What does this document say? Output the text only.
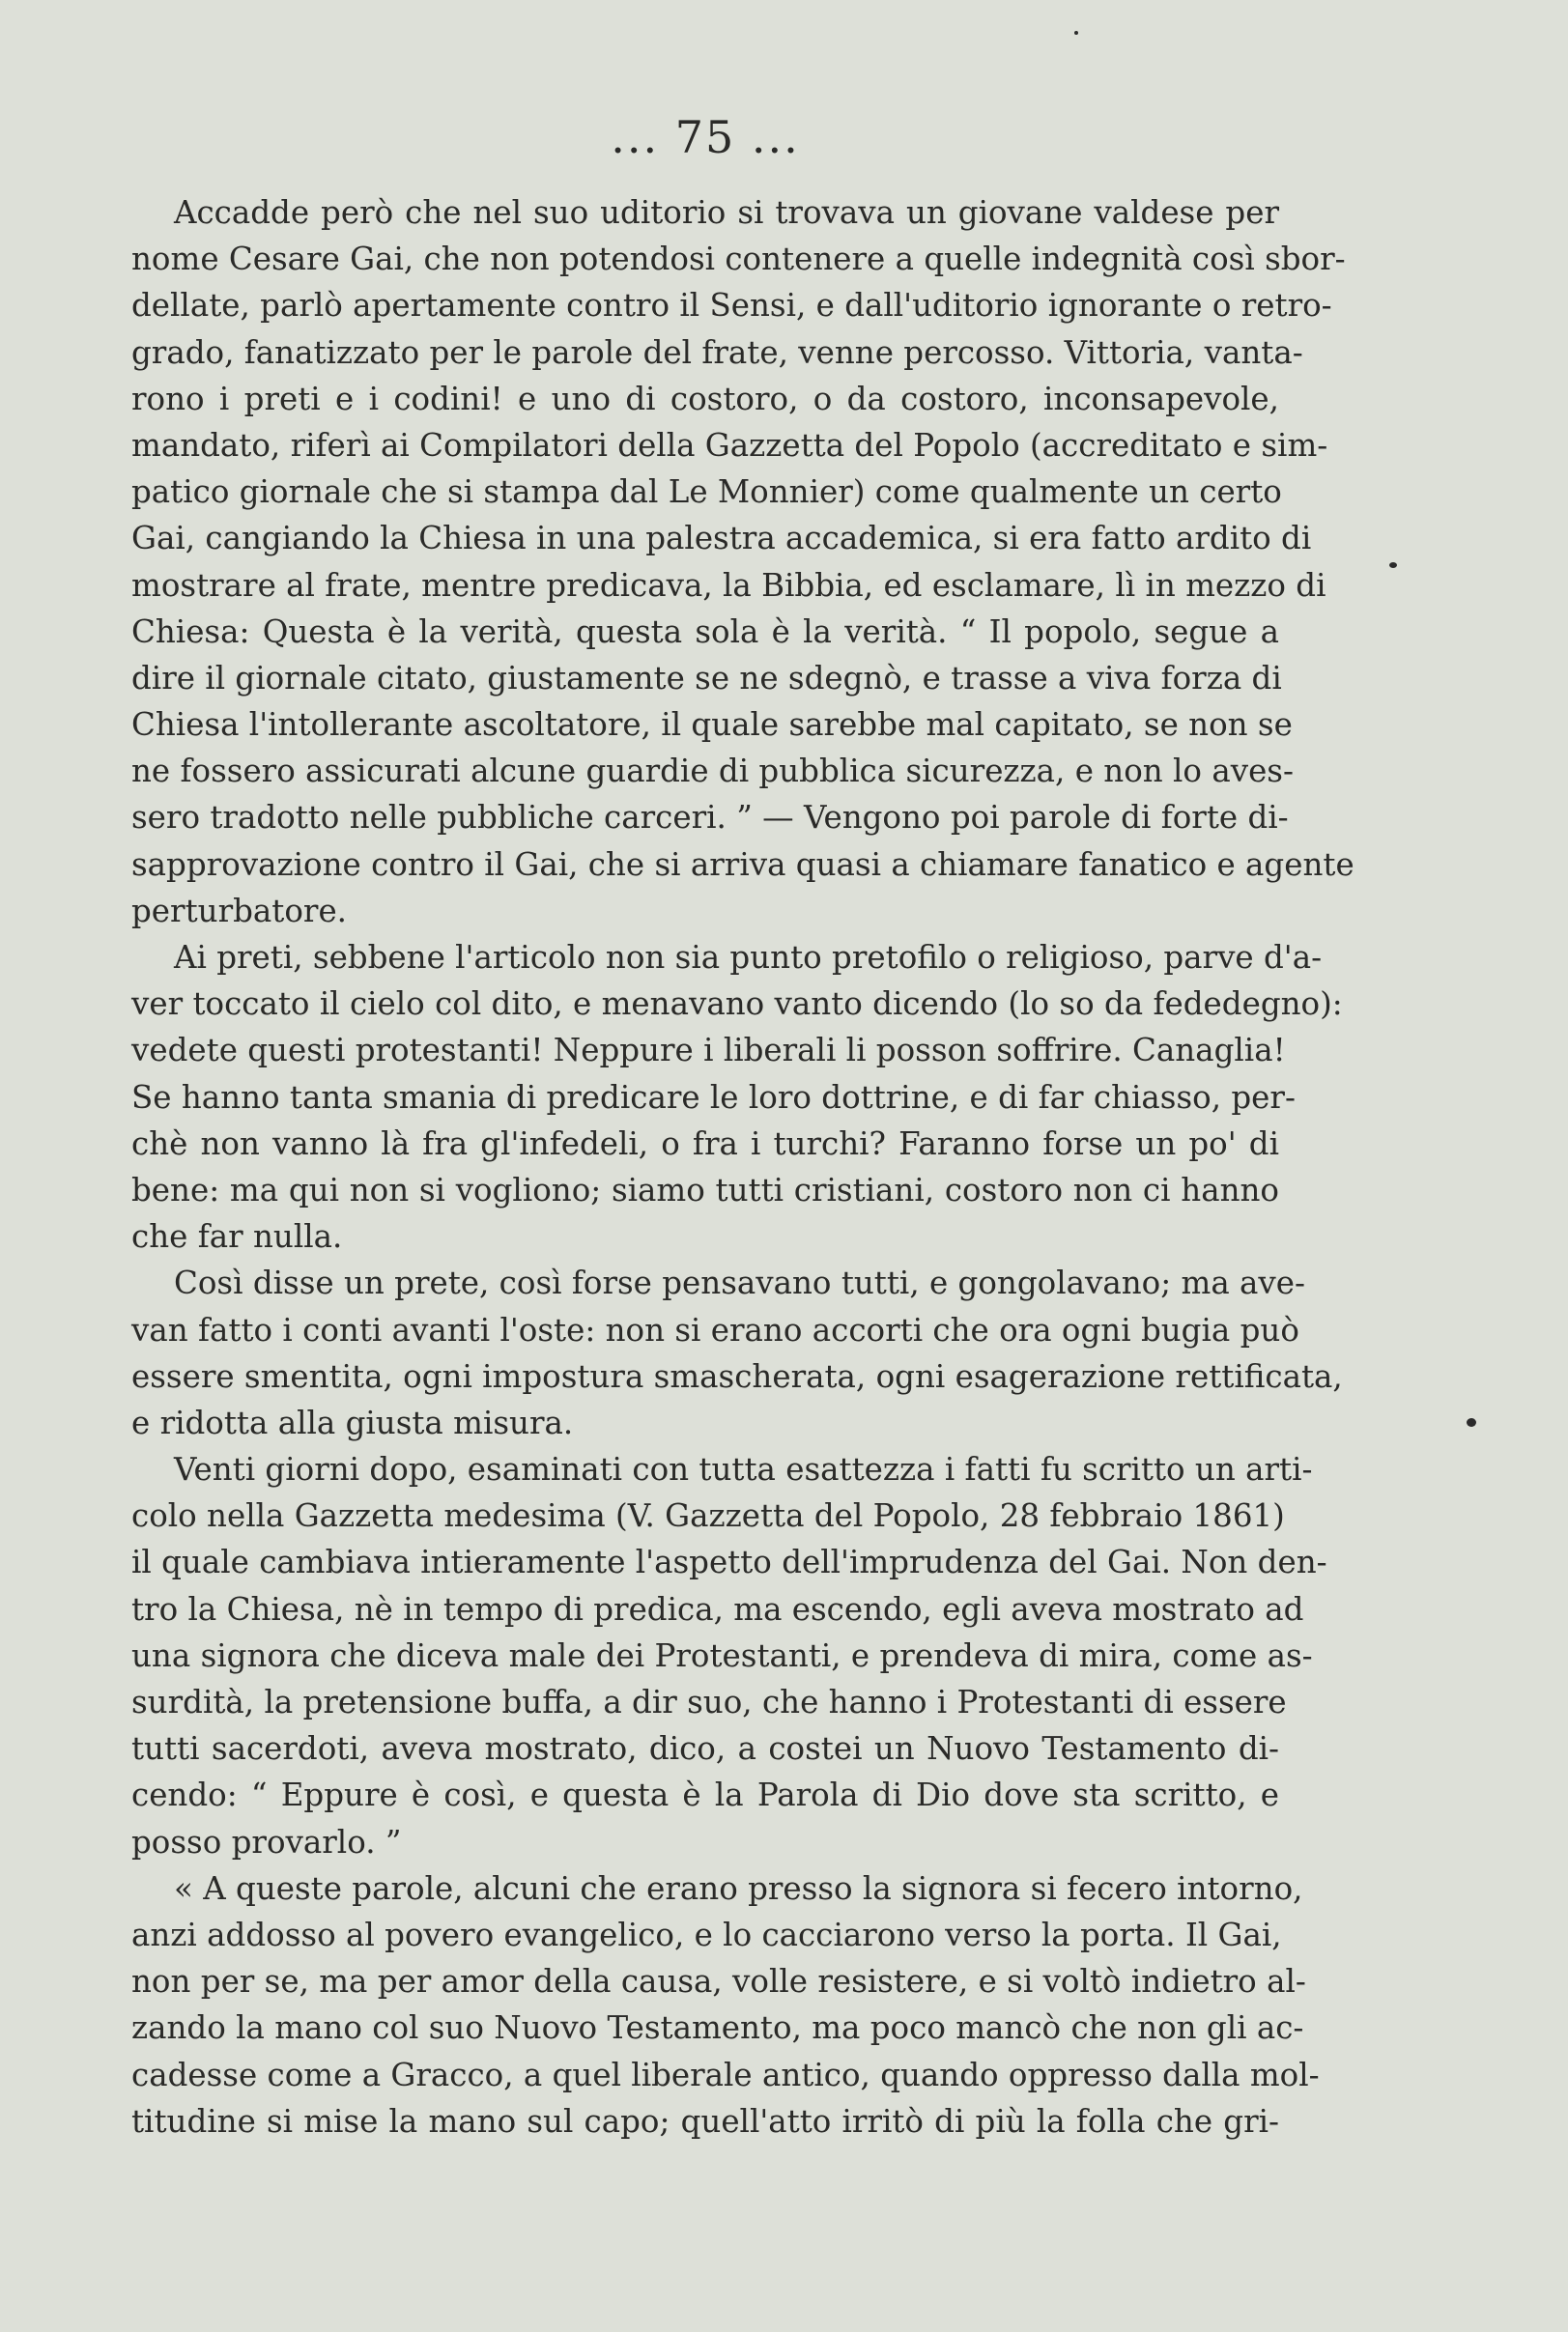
... 75 ...
Accadde però che nel suo uditorio si trovava un giovane valdese per
nome Cesare Gai, che non potendosi contenere a quelle indegnità così sbor-
dellate, parlò apertamente contro il Sensi, e dall'uditorio ignorante o retro-
grado, fanatizzato per le parole del frate, venne percosso. Vittoria, vanta-
rono i preti e i codini! e uno di costoro, o da costoro, inconsapevole,
mandato, riferì ai Compilatori della Gazzetta del Popolo (accreditato e sim-
patico giornale che si stampa dal Le Monnier) come qualmente un certo
Gai, cangiando la Chiesa in una palestra accademica, si era fatto ardito di
mostrare al frate, mentre predicava, la Bibbia, ed esclamare, lì in mezzo di
Chiesa: Questa è la verità, questa sola è la verità. “ Il popolo, segue a
dire il giornale citato, giustamente se ne sdegnò, e trasse a viva forza di
Chiesa l'intollerante ascoltatore, il quale sarebbe mal capitato, se non se
ne fossero assicurati alcune guardie di pubblica sicurezza, e non lo aves-
sero tradotto nelle pubbliche carceri. ” — Vengono poi parole di forte di-
sapprovazione contro il Gai, che si arriva quasi a chiamare fanatico e agente
perturbatore.
Ai preti, sebbene l'articolo non sia punto pretofilo o religioso, parve d'a-
ver toccato il cielo col dito, e menavano vanto dicendo (lo so da fededegno):
vedete questi protestanti! Neppure i liberali li posson soffrire. Canaglia!
Se hanno tanta smania di predicare le loro dottrine, e di far chiasso, per-
chè non vanno là fra gl'infedeli, o fra i turchi? Faranno forse un po' di
bene: ma qui non si vogliono; siamo tutti cristiani, costoro non ci hanno
che far nulla.
Così disse un prete, così forse pensavano tutti, e gongolavano; ma ave-
van fatto i conti avanti l'oste: non si erano accorti che ora ogni bugia può
essere smentita, ogni impostura smascherata, ogni esagerazione rettificata,
e ridotta alla giusta misura.
Venti giorni dopo, esaminati con tutta esattezza i fatti fu scritto un arti-
colo nella Gazzetta medesima (V. Gazzetta del Popolo, 28 febbraio 1861)
il quale cambiava intieramente l'aspetto dell'imprudenza del Gai. Non den-
tro la Chiesa, nè in tempo di predica, ma escendo, egli aveva mostrato ad
una signora che diceva male dei Protestanti, e prendeva di mira, come as-
surdità, la pretensione buffa, a dir suo, che hanno i Protestanti di essere
tutti sacerdoti, aveva mostrato, dico, a costei un Nuovo Testamento di-
cendo: “ Eppure è così, e questa è la Parola di Dio dove sta scritto, e
posso provarlo. ”
« A queste parole, alcuni che erano presso la signora si fecero intorno,
anzi addosso al povero evangelico, e lo cacciarono verso la porta. Il Gai,
non per se, ma per amor della causa, volle resistere, e si voltò indietro al-
zando la mano col suo Nuovo Testamento, ma poco mancò che non gli ac-
cadesse come a Gracco, a quel liberale antico, quando oppresso dalla mol-
titudine si mise la mano sul capo; quell'atto irritò di più la folla che gri-
